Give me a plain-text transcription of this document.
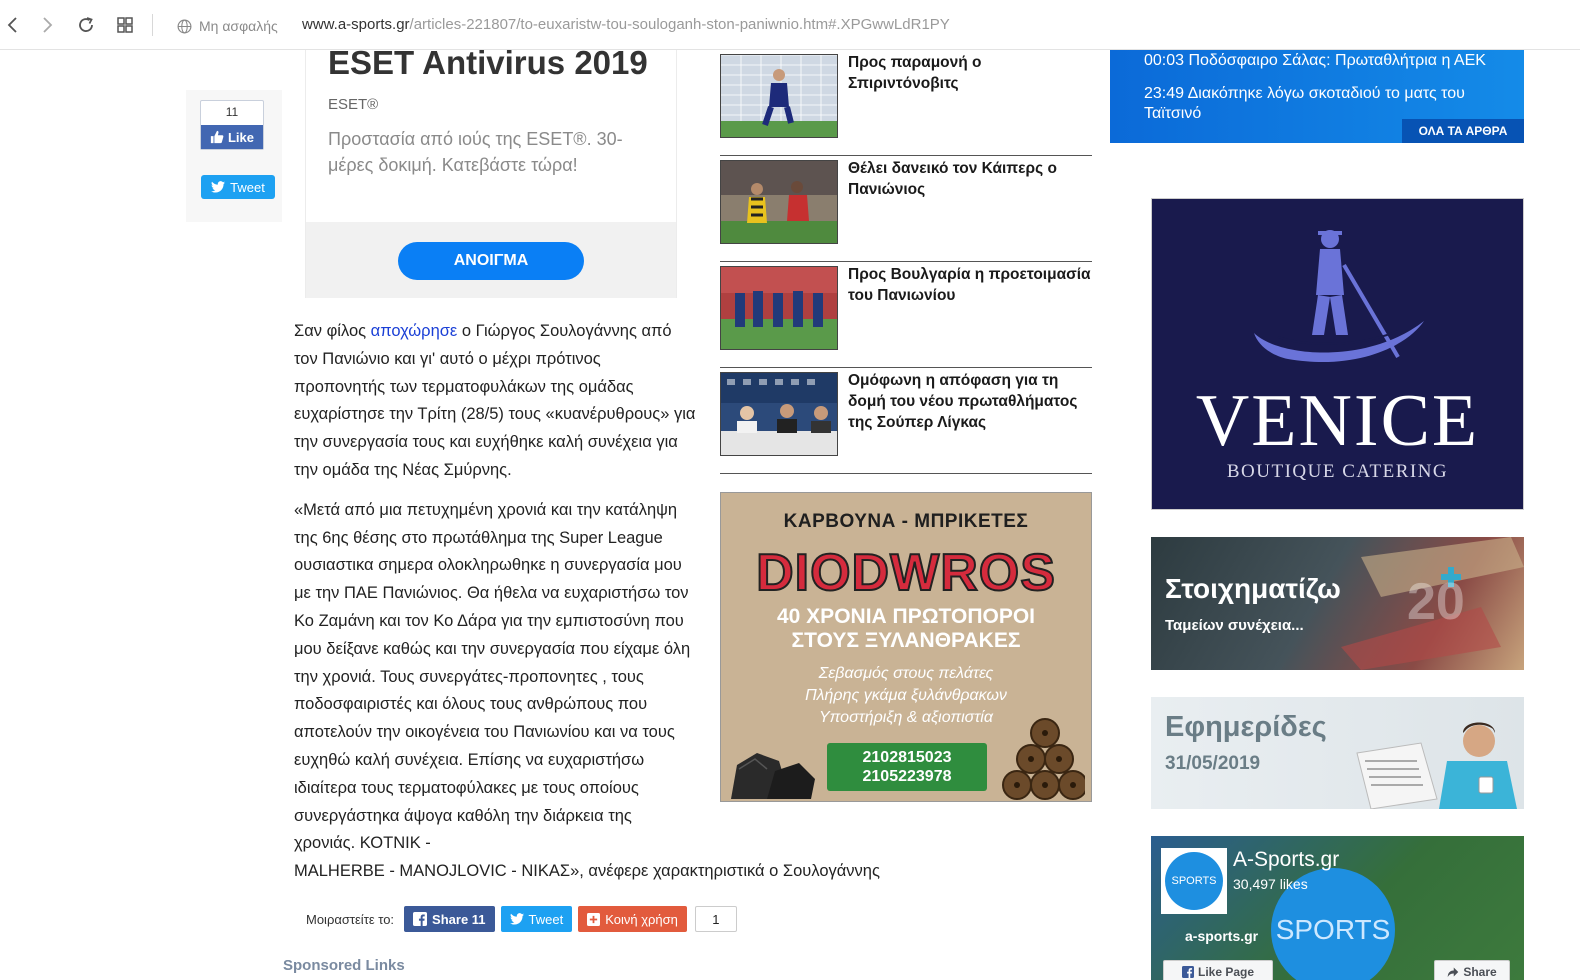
Μη ασφαλής www.a-sports.gr/articles-221807/to-euxaristw-tou-souloganh-ston-paniwnio.htm#.XPGwwLdR1PY
11
Like
Tweet
ESET Antivirus 2019
ESET®
Προστασία από ιούς της ESET®. 30-μέρες δοκιμή. Κατεβάστε τώρα!
ΑΝΟΙΓΜΑ

Σαν φίλος αποχώρησε ο Γιώργος Σουλογάννης από τον Πανιώνιο και γι' αυτό ο μέχρι πρότινος προπονητής των τερματοφυλάκων της ομάδας ευχαρίστησε την Τρίτη (28/5) τους «κυανέρυθρους» για την συνεργασία τους και ευχήθηκε καλή συνέχεια για την ομάδα της Νέας Σμύρνης.

«Μετά από μια πετυχημένη χρονιά και την κατάληψη της 6ης θέσης στο πρωτάθλημα της Super League ουσιαστικα σημερα ολοκληρωθηκε η συνεργασία μου με την ΠΑΕ Πανιώνιος. Θα ήθελα να ευχαριστήσω τον Κο Ζαμάνη και τον Κο Δάρα για την εμπιστοσύνη που μου δείξανε καθώς και την συνεργασία που είχαμε όλη την χρονιά. Τους συνεργάτες-προπονητες , τους ποδοσφαιριστές και όλους τους ανθρώπους που αποτελούν την οικογένεια του Πανιωνίου και να τους ευχηθώ καλή συνέχεια. Επίσης να ευχαριστήσω ιδιαίτερα τους τερματοφύλακες με τους οποίους συνεργάστηκα άψογα καθόλη την διάρκεια της χρονιάς. ΚΟΤΝΙΚ -
MALHERBE - MANOJLOVIC - ΝΙΚΑΣ», ανέφερε χαρακτηριστικά ο Σουλογάννης

Μοιραστείτε το:	Share 11	Tweet	Κοινή χρήση	1
Sponsored Links
Προς παραμονή ο Σπιριντόνοβιτς
Θέλει δανεικό τον Κάιπερς ο Πανιώνιος
Προς Βουλγαρία η προετοιμασία του Πανιωνίου
Ομόφωνη η απόφαση για τη δομή του νέου πρωταθλήματος της Σούπερ Λίγκας
ΚΑΡΒΟΥΝΑ - ΜΠΡΙΚΕΤΕΣ
DIODWROS
40 ΧΡΟΝΙΑ ΠΡΩΤΟΠΟΡΟΙ
ΣΤΟΥΣ ΞΥΛΑΝΘΡΑΚΕΣ
Σεβασμός στους πελάτες
Πλήρης γκάμα ξυλάνθρακων
Υποστήριξη & αξιοπιστία
2102815023
2105223978
00:03 Ποδόσφαιρο Σάλας: Πρωταθλήτρια η ΑΕΚ
23:49 Διακόπηκε λόγω σκοταδιού το ματς του
Ταϊτσινό
ΟΛΑ ΤΑ ΑΡΘΡΑ
VENICE
BOUTIQUE CATERING
20
Στοιχηματίζω
Ταμείων συνέχεια...
Εφημερίδες
31/05/2019
SPORTS
SPORTS
A-Sports.gr
30,497 likes
a-sports.gr
Like Page	Share
